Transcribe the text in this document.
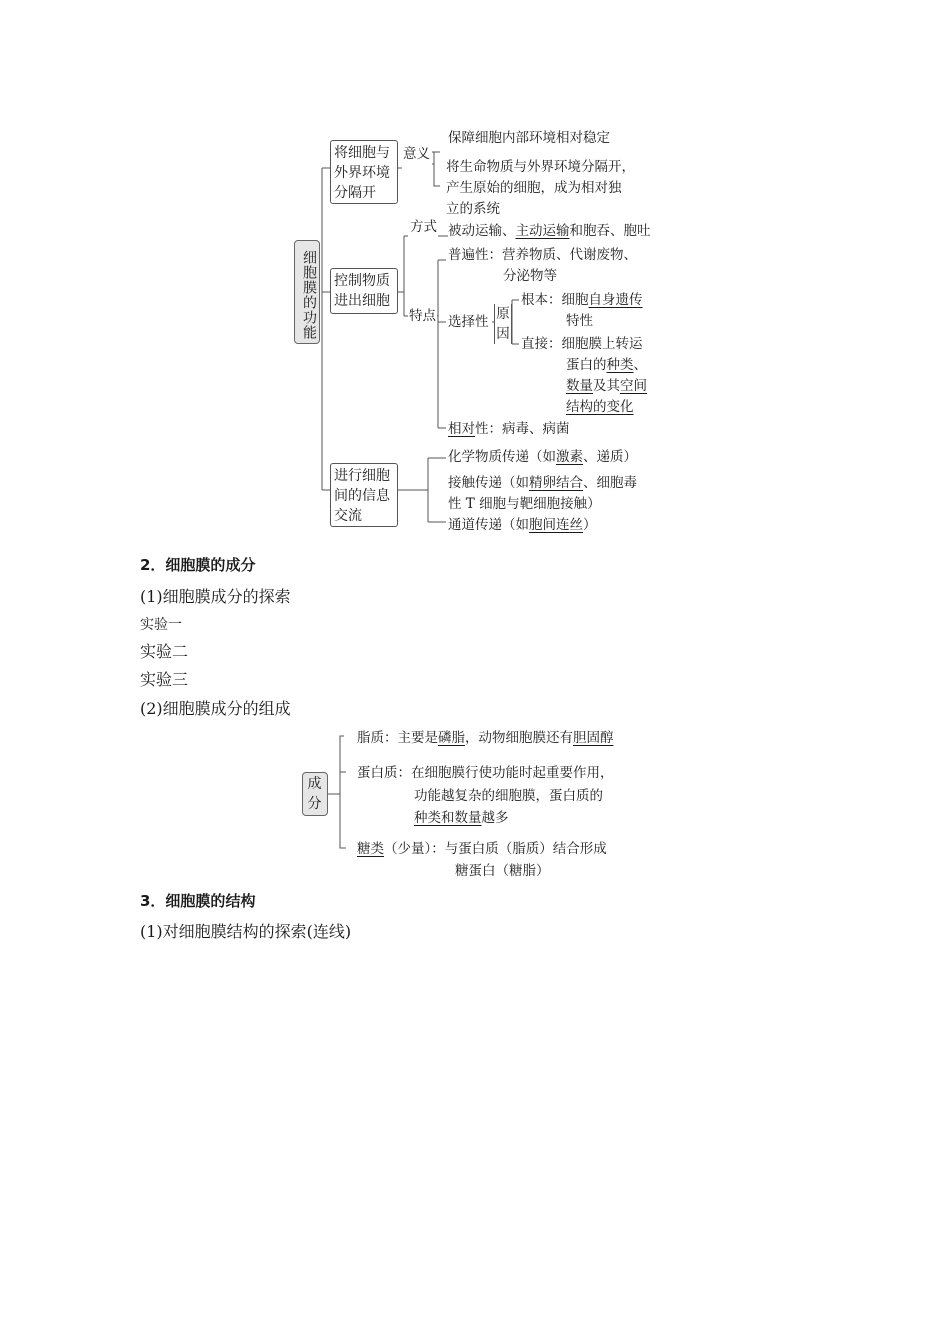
细胞膜的功能
将细胞与
外界环境
分隔开
意义
保障细胞内部环境相对稳定
将生命物质与外界环境分隔开，
产生原始的细胞，成为相对独
立的系统
控制物质
进出细胞
方式 被动运输、主动运输和胞吞、胞吐
特点
普遍性：营养物质、代谢废物、
分泌物等
选择性 原
因
根本：细胞自身遗传
特性
直接：细胞膜上转运
蛋白的种类、
数量及其空间
结构的变化
相对性：病毒、病菌
进行细胞
间的信息
交流
化学物质传递（如激素、递质）
接触传递（如精卵结合、细胞毒
性 T 细胞与靶细胞接触）
通道传递（如胞间连丝）
2．细胞膜的成分
(1)细胞膜成分的探索
实验一
实验二
实验三
(2)细胞膜成分的组成
成
分
脂质：主要是磷脂，动物细胞膜还有胆固醇
蛋白质：在细胞膜行使功能时起重要作用，
功能越复杂的细胞膜，蛋白质的
种类和数量越多
糖类（少量）：与蛋白质（脂质）结合形成
糖蛋白（糖脂）
3．细胞膜的结构
(1)对细胞膜结构的探索(连线)
